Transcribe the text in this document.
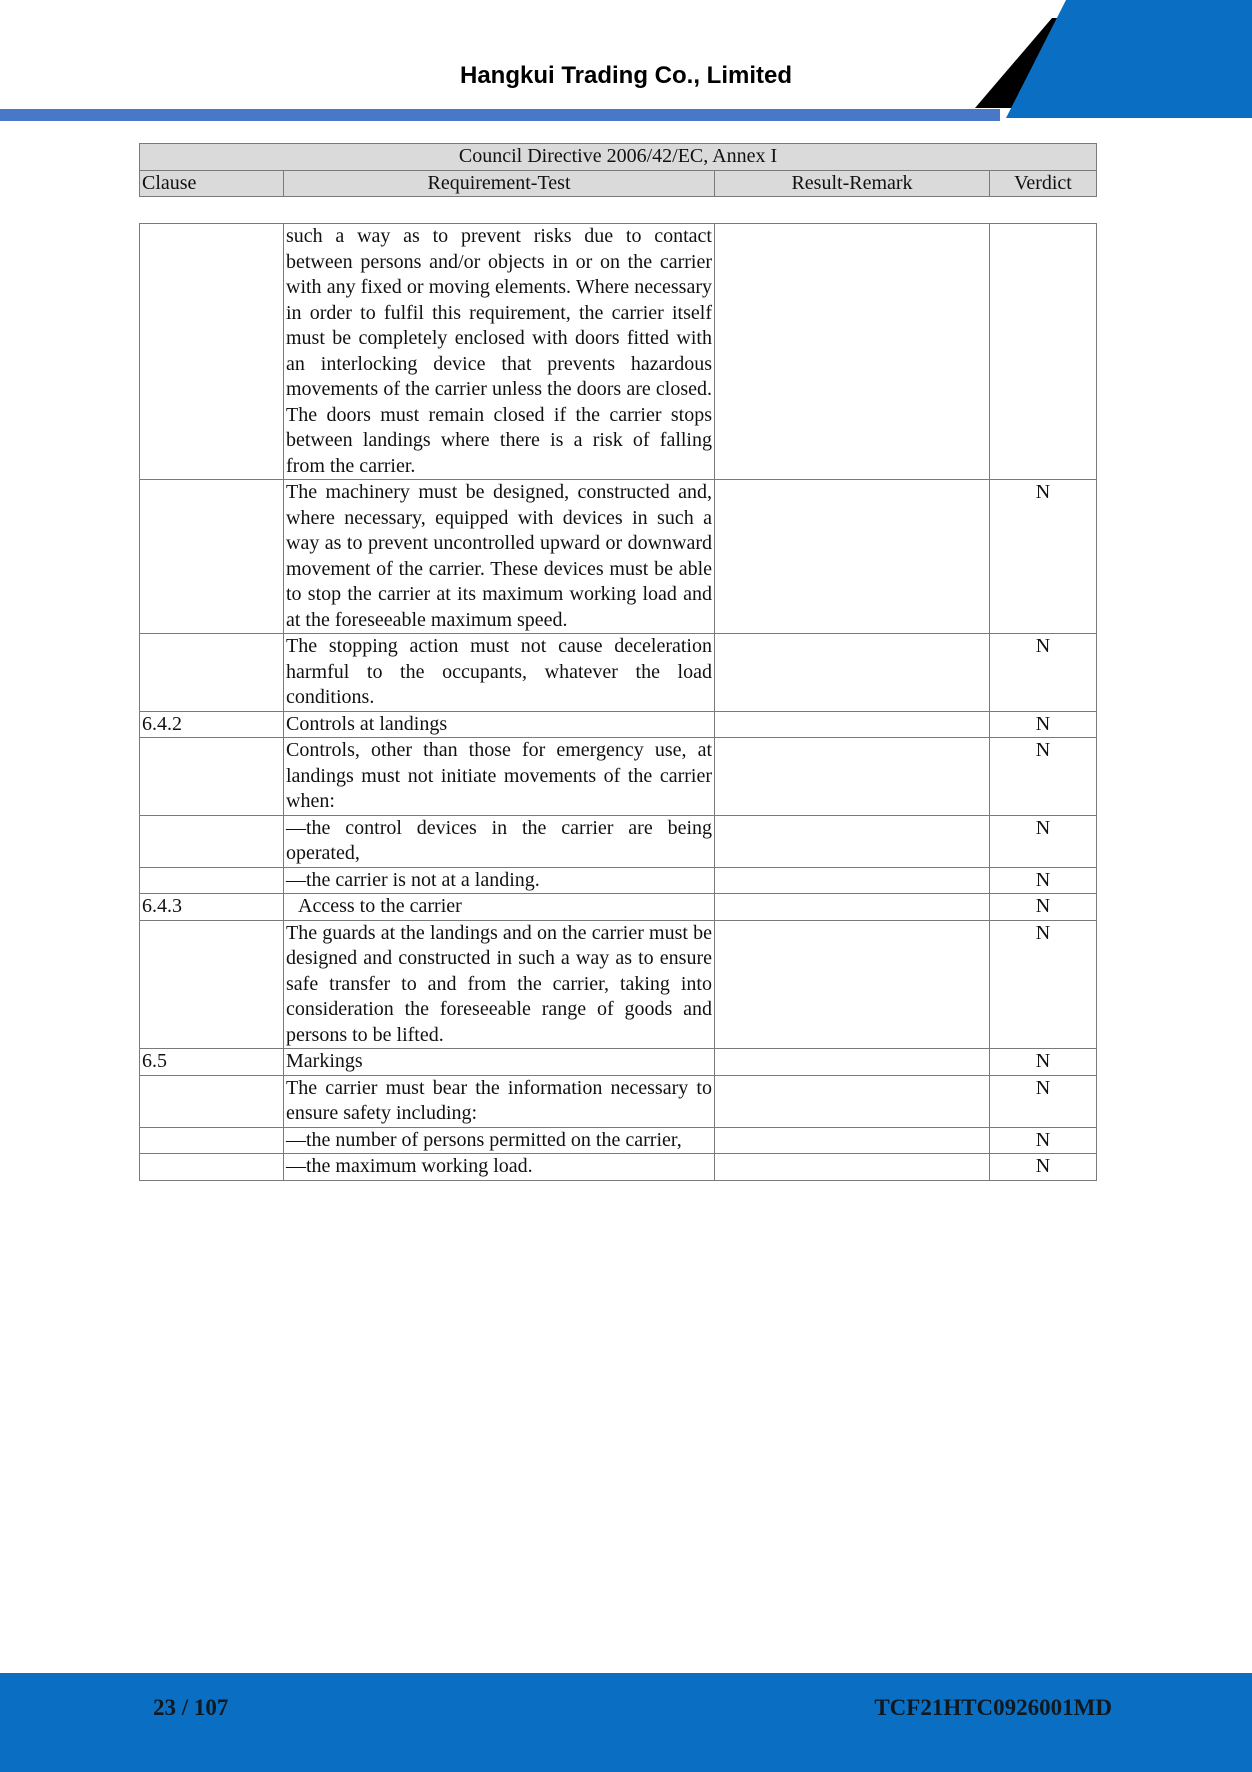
Hangkui Trading Co., Limited
Council Directive 2006/42/EC, Annex I
Clause	Requirement-Test	Result-Remark	Verdict
	such a way as to prevent risks due to contact between persons and/or objects in or on the carrier with any fixed or moving elements. Where necessary in order to fulfil this requirement, the carrier itself must be completely enclosed with doors fitted with an interlocking device that prevents hazardous movements of the carrier unless the doors are closed. The doors must remain closed if the carrier stops between landings where there is a risk of falling from the carrier.		
	The machinery must be designed, constructed and, where necessary, equipped with devices in such a way as to prevent uncontrolled upward or downward movement of the carrier. These devices must be able to stop the carrier at its maximum working load and at the foreseeable maximum speed.		N
	The stopping action must not cause deceleration harmful to the occupants, whatever the load conditions.		N
6.4.2	Controls at landings		N
	Controls, other than those for emergency use, at landings must not initiate movements of the carrier when:		N
	—the control devices in the carrier are being operated,		N
	—the carrier is not at a landing.		N
6.4.3	Access to the carrier		N
	The guards at the landings and on the carrier must be designed and constructed in such a way as to ensure safe transfer to and from the carrier, taking into consideration the foreseeable range of goods and persons to be lifted.		N
6.5	Markings		N
	The carrier must bear the information necessary to ensure safety including:		N
	—the number of persons permitted on the carrier,		N
	—the maximum working load.		N
23 / 107	TCF21HTC0926001MD
